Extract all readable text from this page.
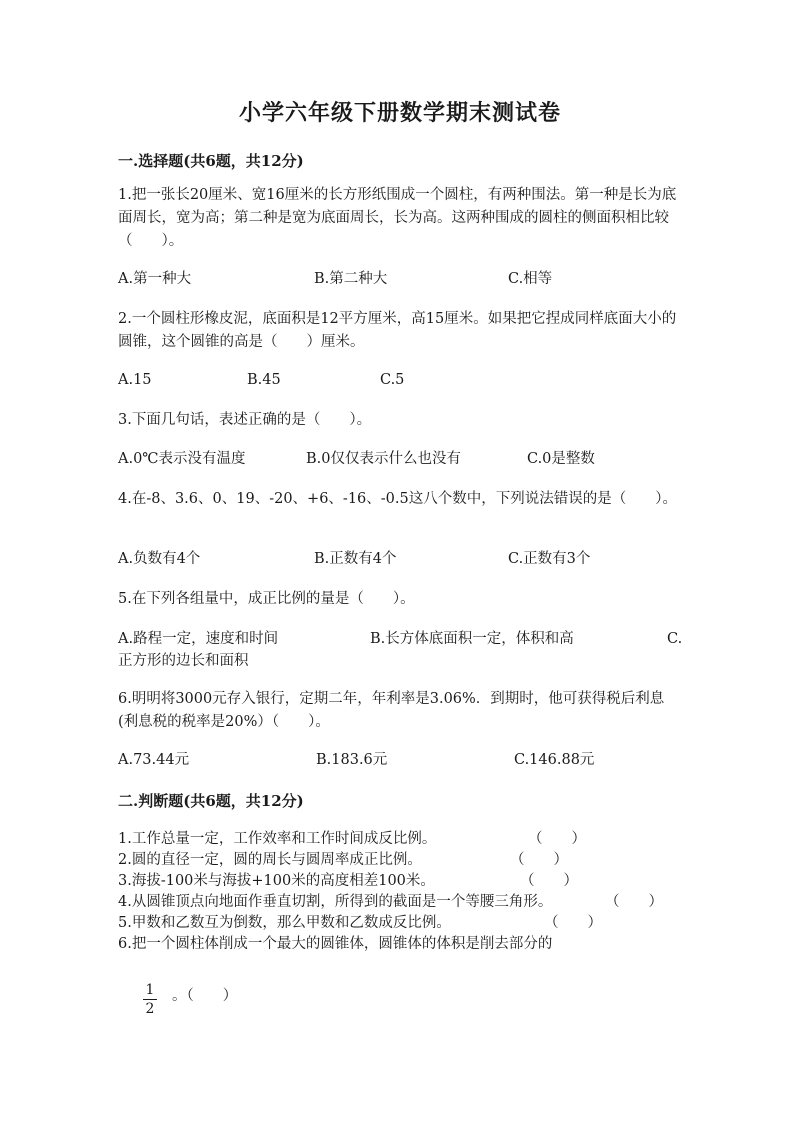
小学六年级下册数学期末测试卷
一.选择题(共6题，共12分)
1.把一张长20厘米、宽16厘米的长方形纸围成一个圆柱，有两种围法。第一种是长为底面周长，宽为高；第二种是宽为底面周长，长为高。这两种围成的圆柱的侧面积相比较（　　）。
A.第一种大	B.第二种大	C.相等
2.一个圆柱形橡皮泥，底面积是12平方厘米，高15厘米。如果把它捏成同样底面大小的圆锥，这个圆锥的高是（　　）厘米。
A.15	B.45	C.5
3.下面几句话，表述正确的是（　　）。
A.0℃表示没有温度	B.0仅仅表示什么也没有	C.0是整数
4.在-8、3.6、0、19、-20、+6、-16、-0.5这八个数中，下列说法错误的是（　　）。
A.负数有4个	B.正数有4个	C.正数有3个
5.在下列各组量中，成正比例的量是（　　）。
A.路程一定，速度和时间	B.长方体底面积一定，体积和高	C.
正方形的边长和面积
6.明明将3000元存入银行，定期二年，年利率是3.06%．到期时，他可获得税后利息(利息税的税率是20%）（　　）。
A.73.44元	B.183.6元	C.146.88元
二.判断题(共6题，共12分)
1.工作总量一定，工作效率和工作时间成反比例。	（　　）
2.圆的直径一定，圆的周长与圆周率成正比例。	（　　）
3.海拔-100米与海拔+100米的高度相差100米。	（　　）
4.从圆锥顶点向地面作垂直切割，所得到的截面是一个等腰三角形。	（　　）
5.甲数和乙数互为倒数，那么甲数和乙数成反比例。	（　　）
6.把一个圆柱体削成一个最大的圆锥体，圆锥体的体积是削去部分的
1
2
。（　　）
